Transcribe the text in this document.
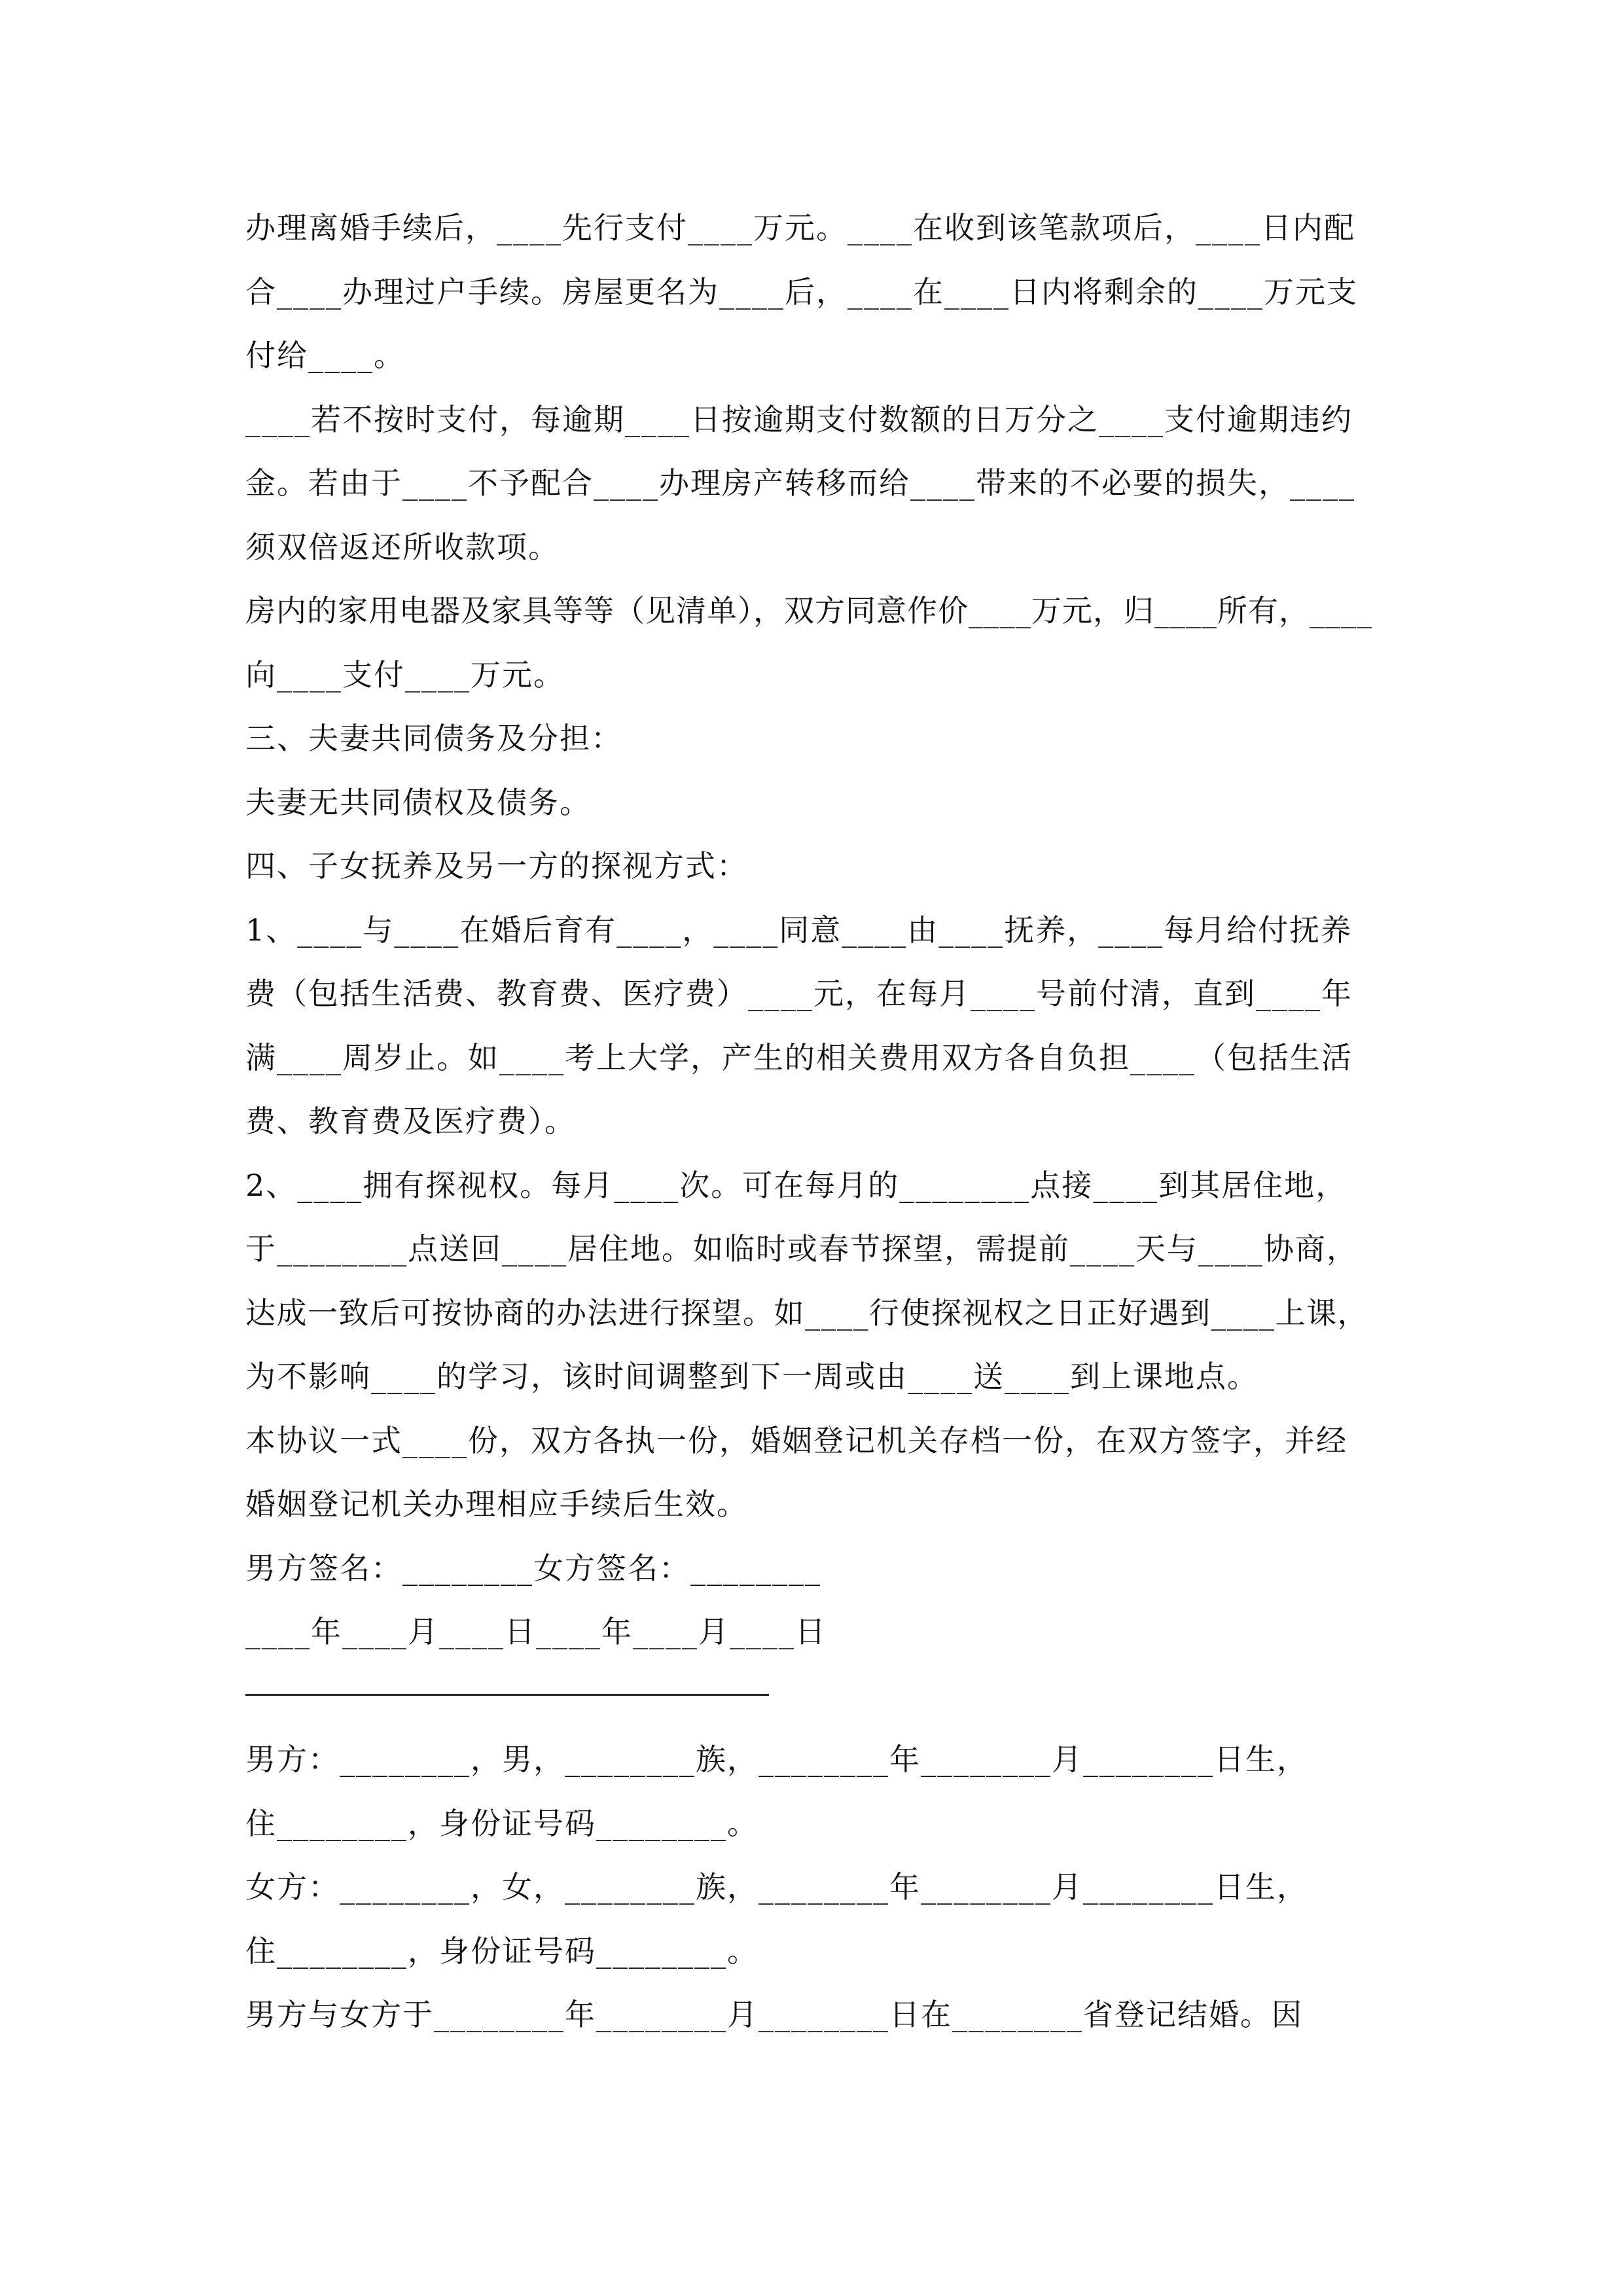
办理离婚手续后，____先行支付____万元。____在收到该笔款项后，____日内配
合____办理过户手续。房屋更名为____后，____在____日内将剩余的____万元支
付给____。
____若不按时支付，每逾期____日按逾期支付数额的日万分之____支付逾期违约
金。若由于____不予配合____办理房产转移而给____带来的不必要的损失，____
须双倍返还所收款项。
房内的家用电器及家具等等（见清单），双方同意作价____万元，归____所有，____
向____支付____万元。
三、夫妻共同债务及分担：
夫妻无共同债权及债务。
四、子女抚养及另一方的探视方式：
1、____与____在婚后育有____，____同意____由____抚养，____每月给付抚养
费（包括生活费、教育费、医疗费）____元，在每月____号前付清，直到____年
满____周岁止。如____考上大学，产生的相关费用双方各自负担____（包括生活
费、教育费及医疗费）。
2、____拥有探视权。每月____次。可在每月的________点接____到其居住地，
于________点送回____居住地。如临时或春节探望，需提前____天与____协商，
达成一致后可按协商的办法进行探望。如____行使探视权之日正好遇到____上课，
为不影响____的学习，该时间调整到下一周或由____送____到上课地点。
本协议一式____份，双方各执一份，婚姻登记机关存档一份，在双方签字，并经
婚姻登记机关办理相应手续后生效。
男方签名：________女方签名：________
____年____月____日____年____月____日
男方：________，男，________族，________年________月________日生，
住________，身份证号码________。
女方：________，女，________族，________年________月________日生，
住________，身份证号码________。
男方与女方于________年________月________日在________省登记结婚。因
